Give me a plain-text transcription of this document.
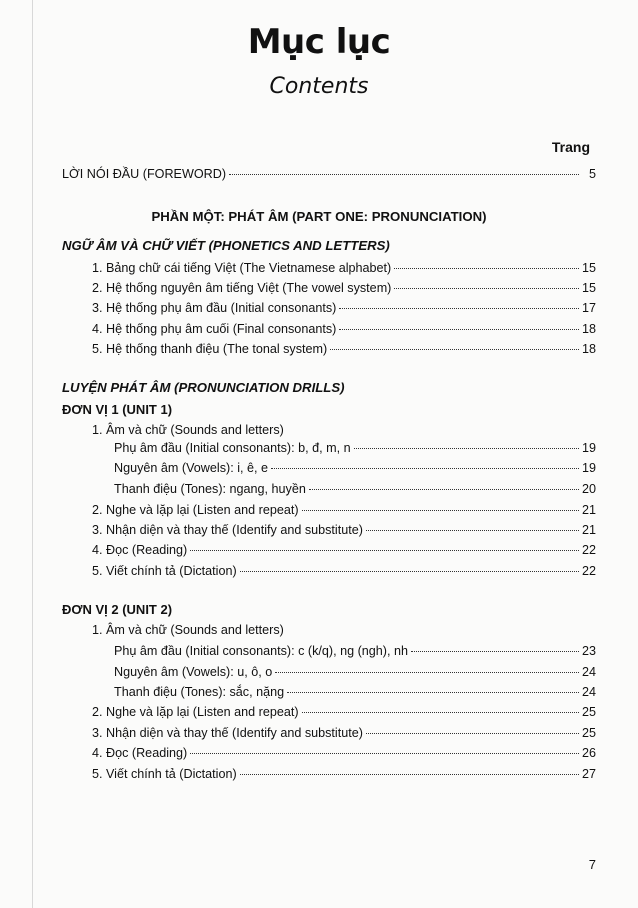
Mục lục
Contents
Trang
LỜI NÓI ĐẦU (FOREWORD)	5
PHẦN MỘT: PHÁT ÂM (PART ONE: PRONUNCIATION)
NGỮ ÂM VÀ CHỮ VIẾT (PHONETICS AND LETTERS)
1. Bảng chữ cái tiếng Việt (The Vietnamese alphabet)	15
2. Hệ thống nguyên âm tiếng Việt (The vowel system)	15
3. Hệ thống phụ âm đầu (Initial consonants)	17
4. Hệ thống phụ âm cuối (Final consonants)	18
5. Hệ thống thanh điệu (The tonal system)	18
LUYỆN PHÁT ÂM (PRONUNCIATION DRILLS)
ĐƠN VỊ 1 (UNIT 1)
1. Âm và chữ (Sounds and letters)
Phụ âm đầu (Initial consonants): b, đ, m, n	19
Nguyên âm (Vowels): i, ê, e	19
Thanh điệu (Tones): ngang, huyền	20
2. Nghe và lặp lại (Listen and repeat)	21
3. Nhận diện và thay thế (Identify and substitute)	21
4. Đọc (Reading)	22
5. Viết chính tả (Dictation)	22
ĐƠN VỊ 2 (UNIT 2)
1. Âm và chữ (Sounds and letters)
Phụ âm đầu (Initial consonants): c (k/q), ng (ngh), nh	23
Nguyên âm (Vowels): u, ô, o	24
Thanh điệu (Tones): sắc, nặng	24
2. Nghe và lặp lại (Listen and repeat)	25
3. Nhận diện và thay thế (Identify and substitute)	25
4. Đọc (Reading)	26
5. Viết chính tả (Dictation)	27
7
